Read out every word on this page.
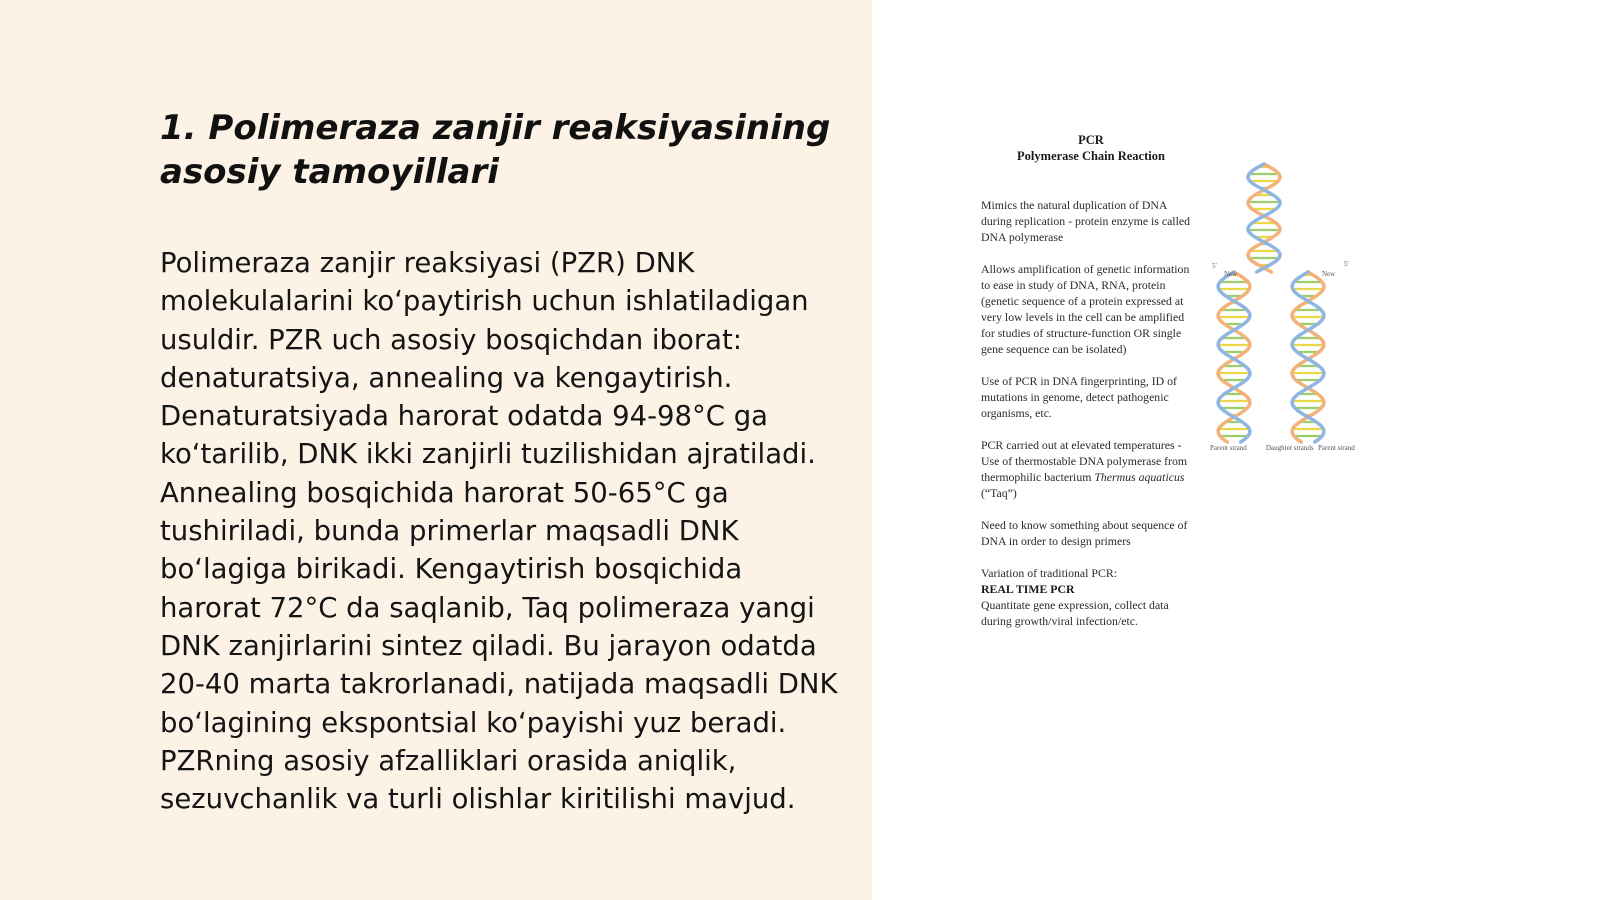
1. Polimeraza zanjir reaksiyasining asosiy tamoyillari

Polimeraza zanjir reaksiyasi (PZR) DNK molekulalarini koʻpaytirish uchun ishlatiladigan usuldir. PZR uch asosiy bosqichdan iborat: denaturatsiya, annealing va kengaytirish. Denaturatsiyada harorat odatda 94-98°C ga koʻtarilib, DNK ikki zanjirli tuzilishidan ajratiladi. Annealing bosqichida harorat 50-65°C ga tushiriladi, bunda primerlar maqsadli DNK boʻlagiga birikadi. Kengaytirish bosqichida harorat 72°C da saqlanib, Taq polimeraza yangi DNK zanjirlarini sintez qiladi. Bu jarayon odatda 20-40 marta takrorlanadi, natijada maqsadli DNK boʻlagining ekspontsial koʻpayishi yuz beradi. PZRning asosiy afzalliklari orasida aniqlik, sezuvchanlik va turli olishlar kiritilishi mavjud.

PCR
Polymerase Chain Reaction

Mimics the natural duplication of DNA during replication - protein enzyme is called DNA polymerase

Allows amplification of genetic information to ease in study of DNA, RNA, protein (genetic sequence of a protein expressed at very low levels in the cell can be amplified for studies of structure-function OR single gene sequence can be isolated)

Use of PCR in DNA fingerprinting, ID of mutations in genome, detect pathogenic organisms, etc.

PCR carried out at elevated temperatures - Use of thermostable DNA polymerase from thermophilic bacterium Thermus aquaticus (“Taq”)

Need to know something about sequence of DNA in order to design primers

Variation of traditional PCR:
REAL TIME PCR
Quantitate gene expression, collect data during growth/viral infection/etc.

5'
New	New
5'
Parent strand	Daughter strands Parent strand
